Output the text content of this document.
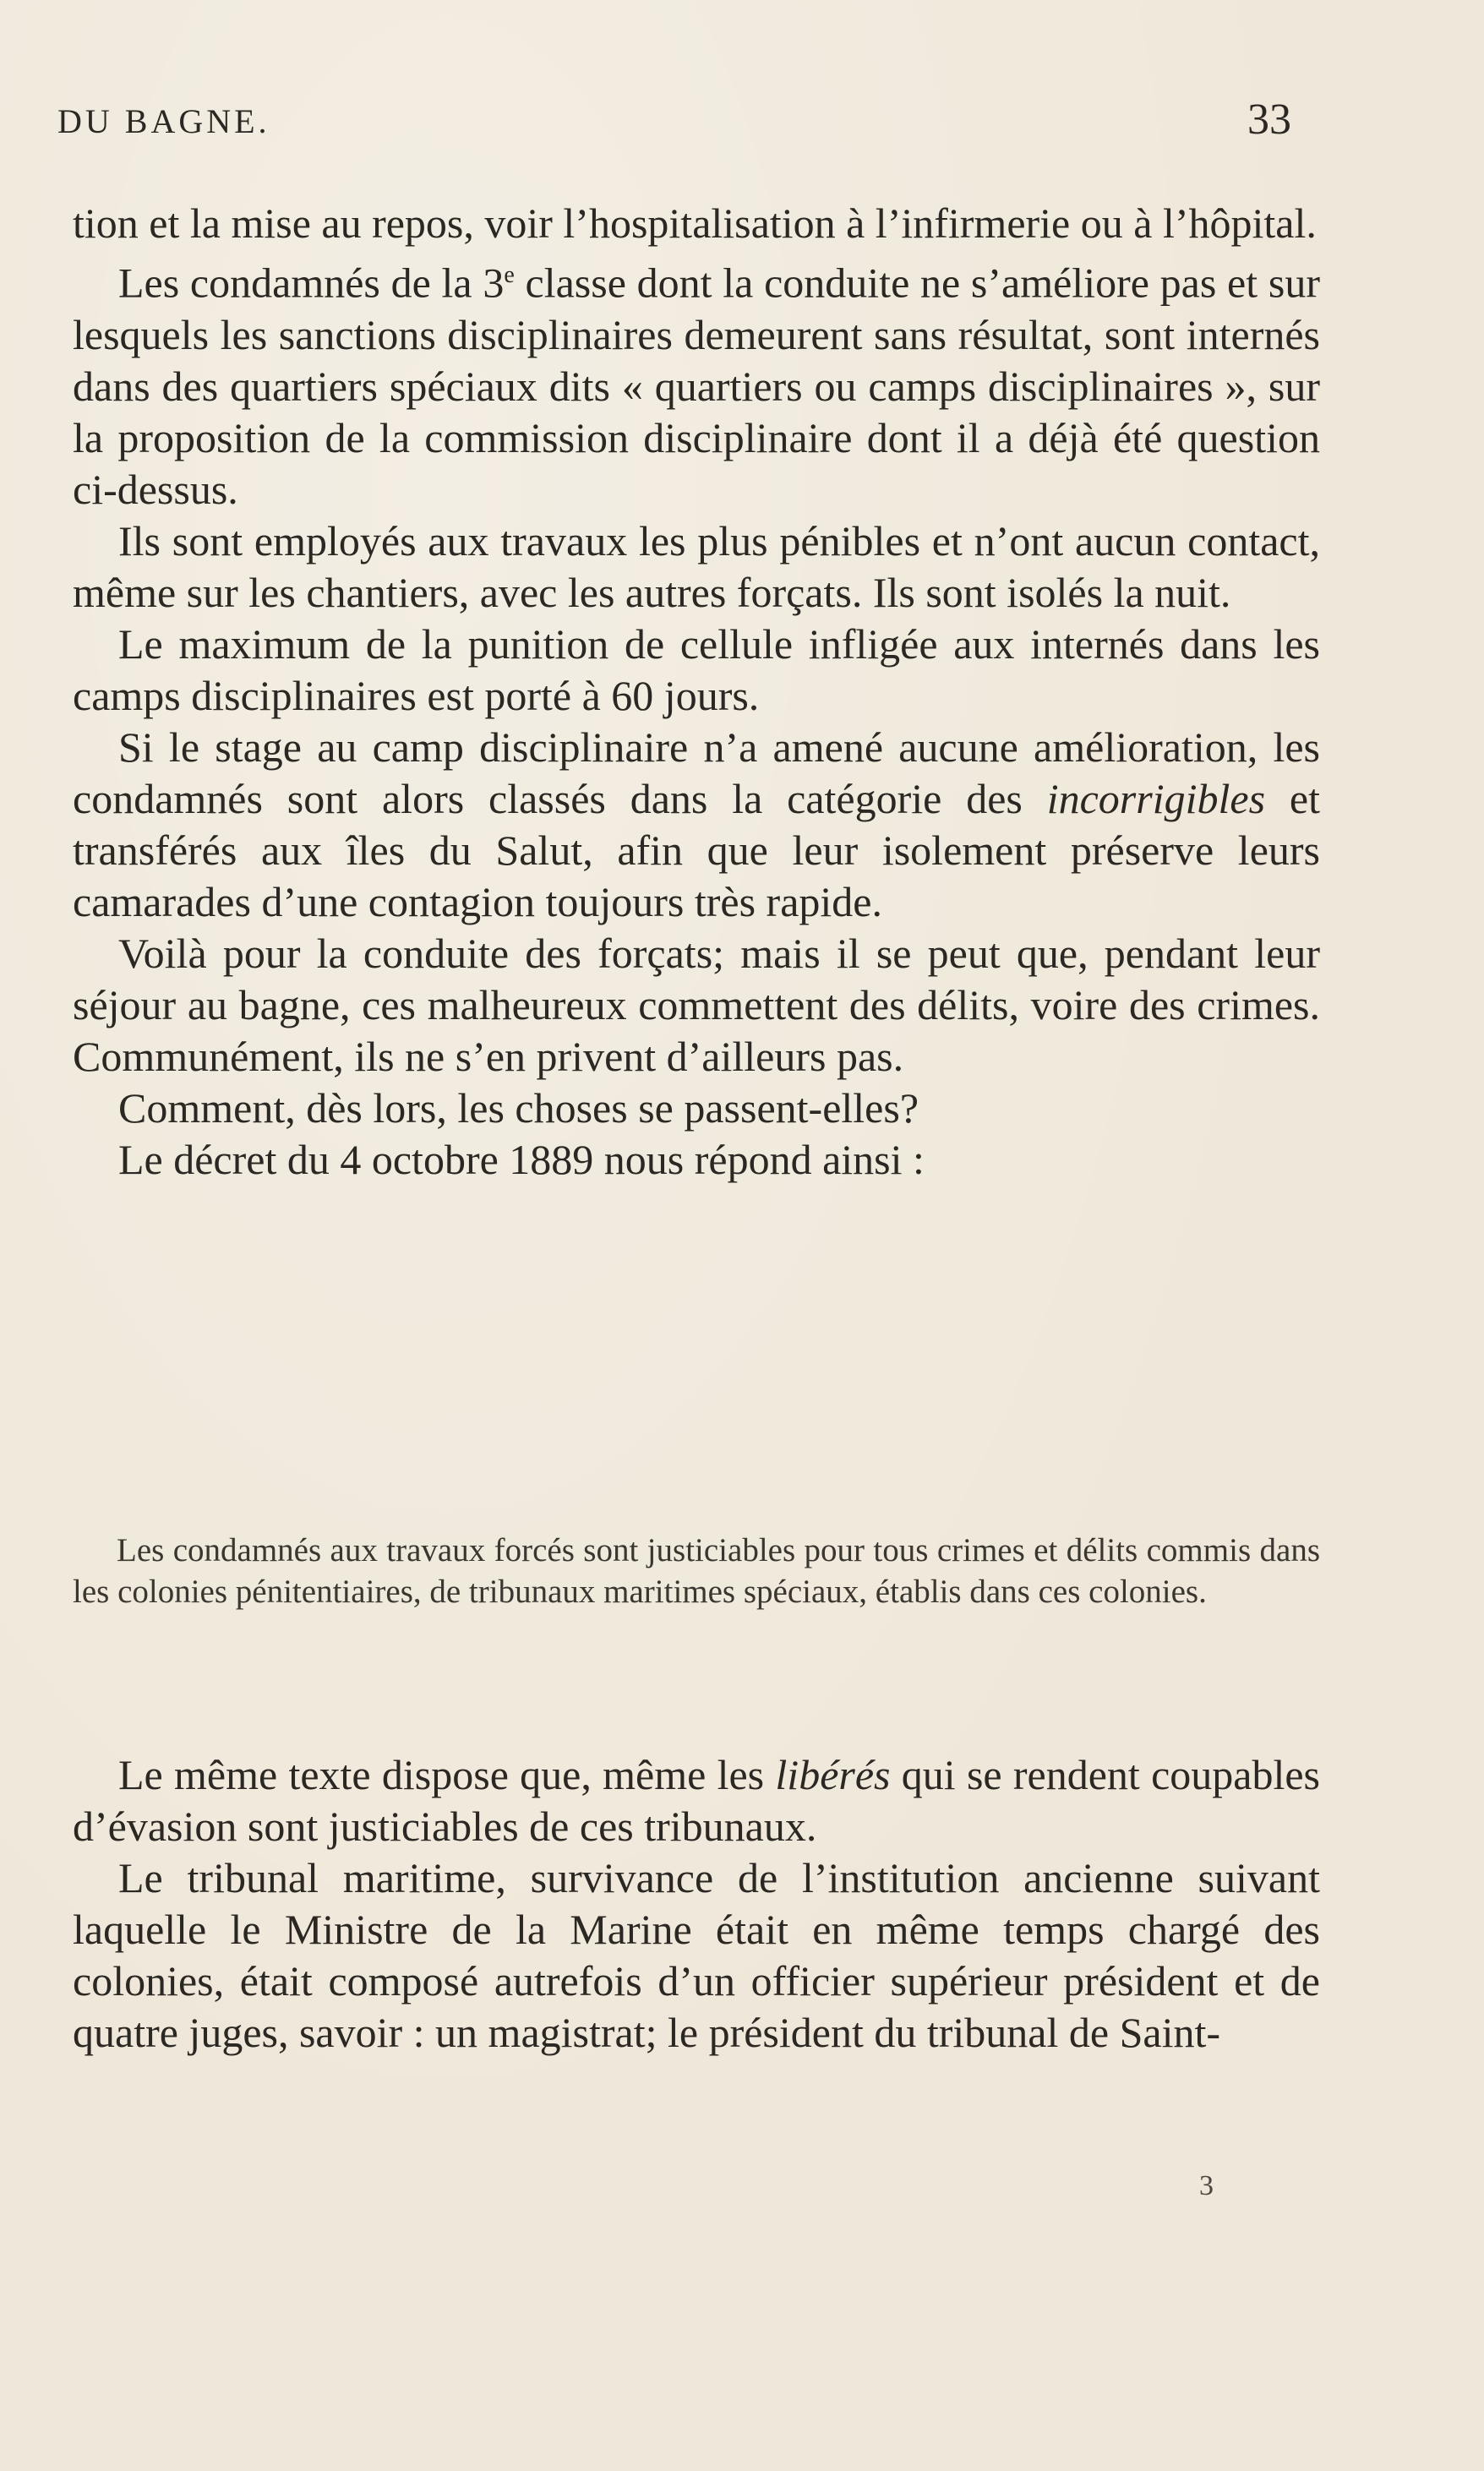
DU BAGNE.	33

tion et la mise au repos, voir l’hospitalisation à l’infirmerie ou à l’hôpital.

Les condamnés de la 3e classe dont la conduite ne s’améliore pas et sur lesquels les sanctions disciplinaires demeurent sans résultat, sont internés dans des quartiers spéciaux dits « quartiers ou camps disciplinaires », sur la proposition de la commission disciplinaire dont il a déjà été question ci-dessus.

Ils sont employés aux travaux les plus pénibles et n’ont aucun contact, même sur les chantiers, avec les autres forçats. Ils sont isolés la nuit.

Le maximum de la punition de cellule infligée aux internés dans les camps disciplinaires est porté à 60 jours.

Si le stage au camp disciplinaire n’a amené aucune amélioration, les condamnés sont alors classés dans la catégorie des incorrigibles et transférés aux îles du Salut, afin que leur isolement préserve leurs camarades d’une contagion toujours très rapide.

Voilà pour la conduite des forçats; mais il se peut que, pendant leur séjour au bagne, ces malheureux commettent des délits, voire des crimes. Communément, ils ne s’en privent d’ailleurs pas.

Comment, dès lors, les choses se passent-elles?

Le décret du 4 octobre 1889 nous répond ainsi :

Les condamnés aux travaux forcés sont justiciables pour tous crimes et délits commis dans les colonies pénitentiaires, de tribunaux maritimes spéciaux, établis dans ces colonies.

Le même texte dispose que, même les libérés qui se rendent coupables d’évasion sont justiciables de ces tribunaux.

Le tribunal maritime, survivance de l’institution ancienne suivant laquelle le Ministre de la Marine était en même temps chargé des colonies, était composé autrefois d’un officier supérieur président et de quatre juges, savoir : un magistrat; le président du tribunal de Saint-

3
